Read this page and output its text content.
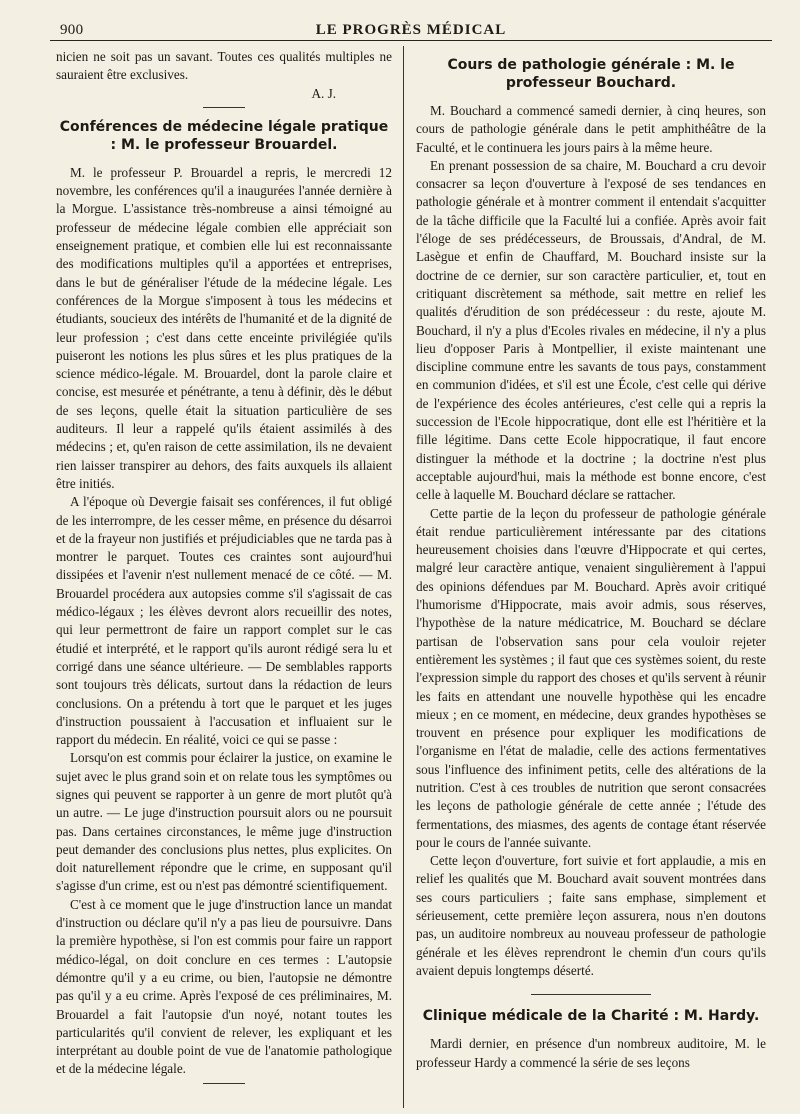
900	LE PROGRÈS MÉDICAL

nicien ne soit pas un savant. Toutes ces qualités multiples ne sauraient être exclusives.

A. J.

Conférences de médecine légale pratique : M. le professeur Brouardel.

M. le professeur P. Brouardel a repris, le mercredi 12 novembre, les conférences qu'il a inaugurées l'année dernière à la Morgue. L'assistance très-nombreuse a ainsi témoigné au professeur de médecine légale combien elle appréciait son enseignement pratique, et combien elle lui est reconnaissante des modifications multiples qu'il a apportées et entreprises, dans le but de généraliser l'étude de la médecine légale. Les conférences de la Morgue s'imposent à tous les médecins et étudiants, soucieux des intérêts de l'humanité et de la dignité de leur profession ; c'est dans cette enceinte privilégiée qu'ils puiseront les notions les plus sûres et les plus pratiques de la science médico-légale. M. Brouardel, dont la parole claire et concise, est mesurée et pénétrante, a tenu à définir, dès le début de ses leçons, quelle était la situation particulière de ses auditeurs. Il leur a rappelé qu'ils étaient assimilés à des médecins ; et, qu'en raison de cette assimilation, ils ne devaient rien laisser transpirer au dehors, des faits auxquels ils allaient être initiés.

A l'époque où Devergie faisait ses conférences, il fut obligé de les interrompre, de les cesser même, en présence du désarroi et de la frayeur non justifiés et préjudiciables que ne tarda pas à montrer le parquet. Toutes ces craintes sont aujourd'hui dissipées et l'avenir n'est nullement menacé de ce côté. — M. Brouardel procédera aux autopsies comme s'il s'agissait de cas médico-légaux ; les élèves devront alors recueillir des notes, qui leur permettront de faire un rapport complet sur le cas étudié et interprété, et le rapport qu'ils auront rédigé sera lu et corrigé dans une séance ultérieure. — De semblables rapports sont toujours très délicats, surtout dans la rédaction de leurs conclusions. On a prétendu à tort que le parquet et les juges d'instruction poussaient à l'accusation et influaient sur le rapport du médecin. En réalité, voici ce qui se passe :

Lorsqu'on est commis pour éclairer la justice, on examine le sujet avec le plus grand soin et on relate tous les symptômes ou signes qui peuvent se rapporter à un genre de mort plutôt qu'à un autre. — Le juge d'instruction poursuit alors ou ne poursuit pas. Dans certaines circonstances, le même juge d'instruction peut demander des conclusions plus nettes, plus explicites. On doit naturellement répondre que le crime, en supposant qu'il s'agisse d'un crime, est ou n'est pas démontré scientifiquement.

C'est à ce moment que le juge d'instruction lance un mandat d'instruction ou déclare qu'il n'y a pas lieu de poursuivre. Dans la première hypothèse, si l'on est commis pour faire un rapport médico-légal, on doit conclure en ces termes : L'autopsie démontre qu'il y a eu crime, ou bien, l'autopsie ne démontre pas qu'il y a eu crime. Après l'exposé de ces préliminaires, M. Brouardel a fait l'autopsie d'un noyé, notant toutes les particularités qu'il convient de relever, les expliquant et les interprétant au double point de vue de l'anatomie pathologique et de la médecine légale.

Cours de pathologie générale : M. le professeur Bouchard.

M. Bouchard a commencé samedi dernier, à cinq heures, son cours de pathologie générale dans le petit amphithéâtre de la Faculté, et le continuera les jours pairs à la même heure.

En prenant possession de sa chaire, M. Bouchard a cru devoir consacrer sa leçon d'ouverture à l'exposé de ses tendances en pathologie générale et à montrer comment il entendait s'acquitter de la tâche difficile que la Faculté lui a confiée. Après avoir fait l'éloge de ses prédécesseurs, de Broussais, d'Andral, de M. Lasègue et enfin de Chauffard, M. Bouchard insiste sur la doctrine de ce dernier, sur son caractère particulier, et, tout en critiquant discrètement sa méthode, sait mettre en relief les qualités d'érudition de son prédécesseur : du reste, ajoute M. Bouchard, il n'y a plus d'Ecoles rivales en médecine, il n'y a plus lieu d'opposer Paris à Montpellier, il existe maintenant une discipline commune entre les savants de tous pays, constamment en communion d'idées, et s'il est une École, c'est celle qui dérive de l'expérience des écoles antérieures, c'est celle qui a repris la succession de l'Ecole hippocratique, dont elle est l'héritière et la fille légitime. Dans cette Ecole hippocratique, il faut encore distinguer la méthode et la doctrine ; la doctrine n'est plus acceptable aujourd'hui, mais la méthode est bonne encore, c'est celle à laquelle M. Bouchard déclare se rattacher.

Cette partie de la leçon du professeur de pathologie générale était rendue particulièrement intéressante par des citations heureusement choisies dans l'œuvre d'Hippocrate et qui certes, malgré leur caractère antique, venaient singulièrement à l'appui des opinions défendues par M. Bouchard. Après avoir critiqué l'humorisme d'Hippocrate, mais avoir admis, sous réserves, l'hypothèse de la nature médicatrice, M. Bouchard se déclare partisan de l'observation sans pour cela vouloir rejeter entièrement les systèmes ; il faut que ces systèmes soient, du reste l'expression simple du rapport des choses et qu'ils servent à réunir les faits en attendant une nouvelle hypothèse qui les encadre mieux ; en ce moment, en médecine, deux grandes hypothèses se trouvent en présence pour expliquer les modifications de l'organisme en l'état de maladie, celle des actions fermentatives sous l'influence des infiniment petits, celle des altérations de la nutrition. C'est à ces troubles de nutrition que seront consacrées les leçons de pathologie générale de cette année ; l'étude des fermentations, des miasmes, des agents de contage étant réservée pour le cours de l'année suivante.

Cette leçon d'ouverture, fort suivie et fort applaudie, a mis en relief les qualités que M. Bouchard avait souvent montrées dans ses cours particuliers ; faite sans emphase, simplement et sérieusement, cette première leçon assurera, nous n'en doutons pas, un auditoire nombreux au nouveau professeur de pathologie générale et les élèves reprendront le chemin d'un cours qu'ils avaient depuis longtemps déserté.

Clinique médicale de la Charité : M. Hardy.

Mardi dernier, en présence d'un nombreux auditoire, M. le professeur Hardy a commencé la série de ses leçons
